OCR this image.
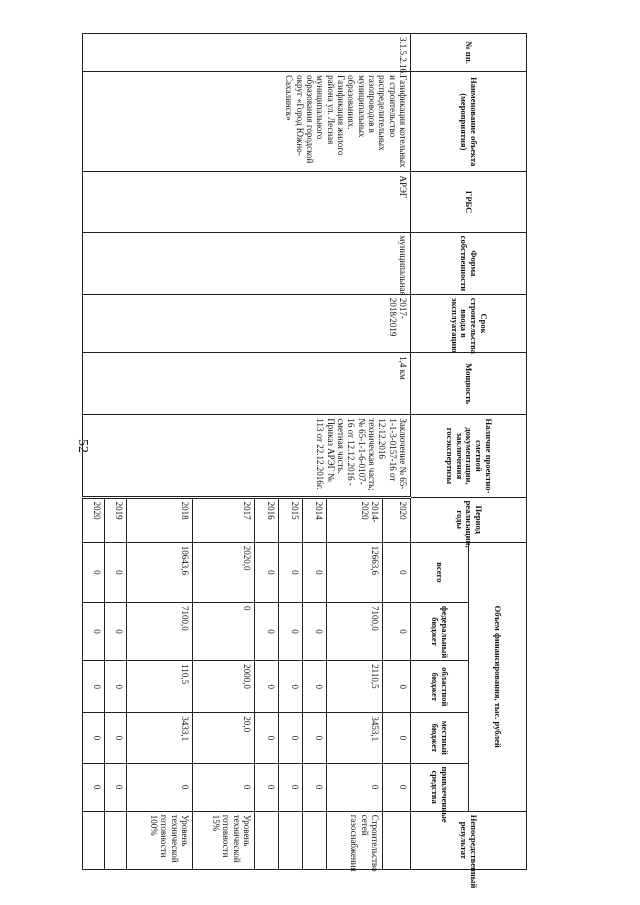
52
№ пп.	Наименование объекта (мероприятия)	ГРБС	Форма собственности	Срок строительства ввода в эксплуатацию	Мощность	Наличие проектно-сметной документации, заключения госэкспертизы	Период реализации, годы	Объем финансирования, тыс. рублей					Непосредственный результат
								всего	федеральный бюджет	областной бюджет	местный бюджет	привлеченные средства	
3.1.5.2.16.	Газификация котельных и строительство распределительных газопроводов в муниципальных образованиях. Газификация жилого района ул. Лесная муниципального образования городской округ «Город Южно-Сахалинск»	АРЭГ	муниципальная	2017-2018/2019	1,4 км	Заключение № 65-1-1-3-0157-16 от 12.12.2016 техническая часть; № 65-1-1-6-0107-16 от 12.12.2016 - сметная часть. Приказ АРЭГ № 113 от 22.12.2016г.	2020	0	0	0	0	0	
							2014-2020	12663,6	7100,0	2110,5	3453,1	0	Строительство сетей газоснабжения
							2014	0	0	0	0	0	
							2015	0	0	0	0	0	
							2016	0	0	0	0	0	
							2017	2020,0	0	2000,0	20,0	0	Уровень технической готовности 15%
							2018	10643,6	7100,0	110,5	3433,1	0	Уровень технической готовности 100%
							2019	0	0	0	0	0	
							2020	0	0	0	0	0	
